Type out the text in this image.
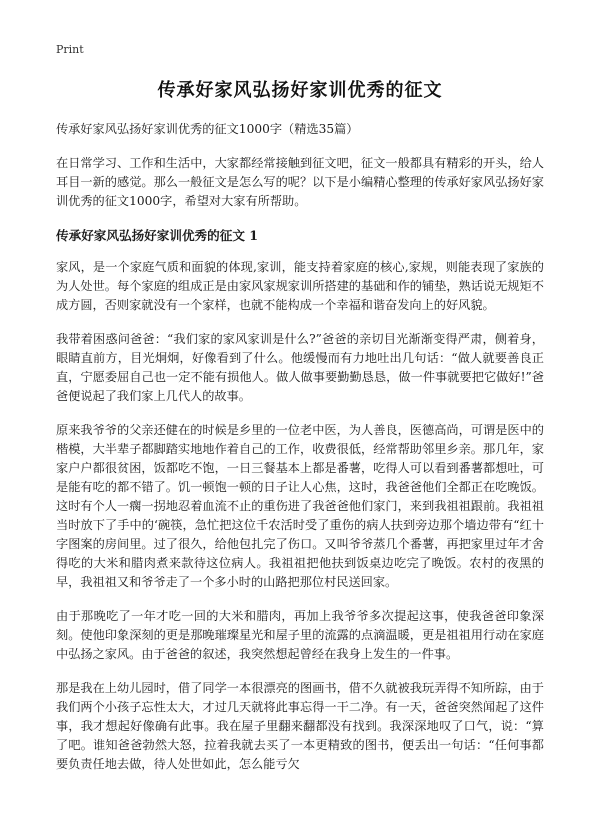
Print
传承好家风弘扬好家训优秀的征文

传承好家风弘扬好家训优秀的征文1000字（精选35篇）

在日常学习、工作和生活中，大家都经常接触到征文吧，征文一般都具有精彩的开头，给人耳目一新的感觉。那么一般征文是怎么写的呢？以下是小编精心整理的传承好家风弘扬好家训优秀的征文1000字，希望对大家有所帮助。

传承好家风弘扬好家训优秀的征文 1

家风，是一个家庭气质和面貌的体现,家训，能支持着家庭的核心,家规，则能表现了家族的为人处世。每个家庭的组成正是由家风家规家训所搭建的基础和作的铺垫，熟话说无规矩不成方圆，否则家就没有一个家样，也就不能构成一个幸福和谐奋发向上的好风貌。

我带着困惑问爸爸：“我们家的家风家训是什么?”爸爸的亲切目光渐渐变得严肃，侧着身，眼睛直前方，目光炯炯，好像看到了什么。他缓慢而有力地吐出几句话：“做人就要善良正直，宁愿委屈自己也一定不能有损他人。做人做事要勤勤恳恳，做一件事就要把它做好!”爸爸便说起了我们家上几代人的故事。

原来我爷爷的父亲还健在的时候是乡里的一位老中医，为人善良，医德高尚，可谓是医中的楷模，大半辈子都脚踏实地地作着自己的工作，收费很低，经常帮助邻里乡亲。那几年，家家户户都很贫困，饭都吃不饱，一日三餐基本上都是番薯，吃得人可以看到番薯都想吐，可是能有吃的都不错了。饥一顿饱一顿的日子让人心焦，这时，我爸爸他们全都正在吃晚饭。这时有个人一瘸一拐地忍着血流不止的重伤进了我爸爸他们家门，来到我祖祖跟前。我祖祖当时放下了手中的‘碗筷，急忙把这位千农活时受了重伤的病人扶到旁边那个墙边带有“红十字图案的房间里。过了很久，给他包扎完了伤口。又叫爷爷蒸几个番薯，再把家里过年才舍得吃的大米和腊肉煮来款待这位病人。我祖祖把他扶到饭桌边吃完了晚饭。农村的夜黑的早，我祖祖又和爷爷走了一个多小时的山路把那位村民送回家。

由于那晚吃了一年才吃一回的大米和腊肉，再加上我爷爷多次提起这事，使我爸爸印象深刻。使他印象深刻的更是那晚璀璨星光和屋子里的流露的点滴温暖，更是祖祖用行动在家庭中弘扬之家风。由于爸爸的叙述，我突然想起曾经在我身上发生的一件事。

那是我在上幼儿园时，借了同学一本很漂亮的图画书，借不久就被我玩弄得不知所踪，由于我们两个小孩子忘性太大，才过几天就将此事忘得一干二净。有一天，爸爸突然闻起了这件事，我才想起好像确有此事。我在屋子里翻来翻都没有找到。我深深地叹了口气，说：“算了吧。谁知爸爸勃然大怒，拉着我就去买了一本更精致的图书，便丢出一句话：“任何事都要负责任地去做，待人处世如此，怎么能亏欠
